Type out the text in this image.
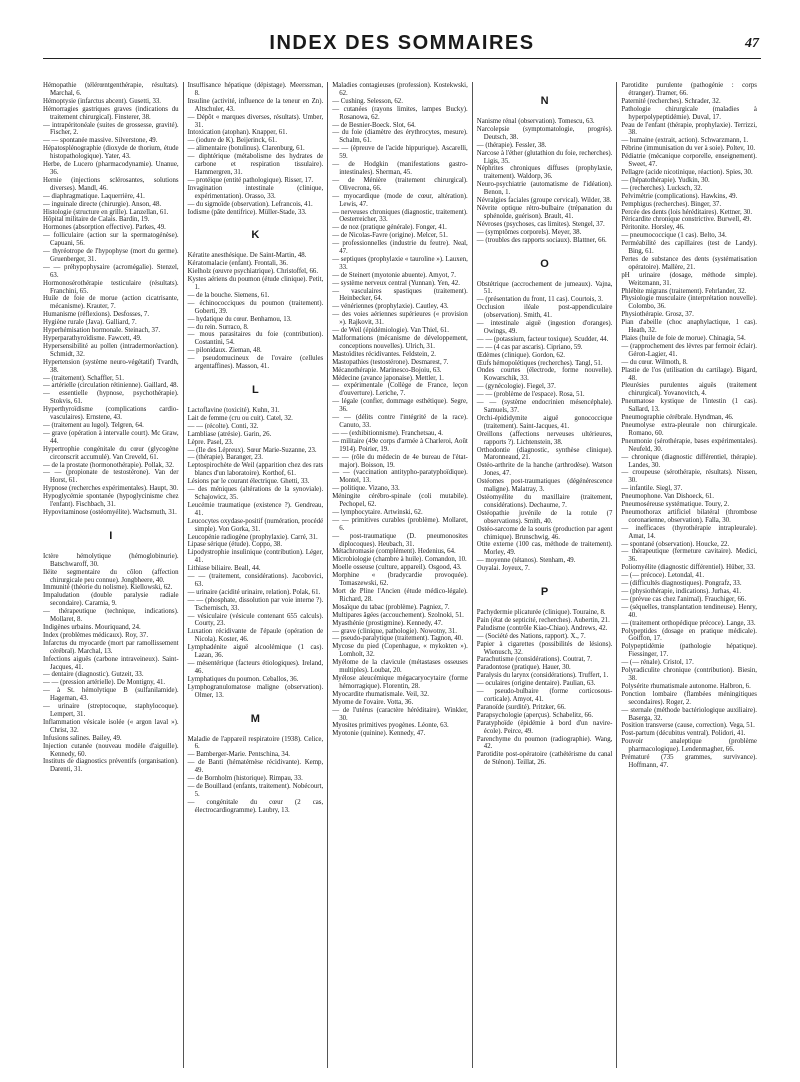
INDEX DES SOMMAIRES	47

Hémopathie (télérœntgenthérapie, résultats). Marchal, 6.

Hémoptysie (infarctus abcent). Gusetti, 33.

Hémorragies gastriques graves (indications du traitement chirurgical). Finsterer, 38.

— intrapéritonéale (suites de grossesse, gravité). Fischer, 2.

— — spontanée massive. Silverstone, 49.

Hépatosplénographie (dioxyde de thorium, étude histopathologique). Yater, 43.

Herbe, de Lucero (pharmacodynamie). Unanue, 36.

Hernie (injections sclérosantes, solutions diverses). Mandl, 46.

— diaphragmatique. Laquerrière, 41.

— inguinale directe (chirurgie). Anson, 48.

Histologie (structure en grille). Lanzellan, 61.

Hôpital militaire de Calais. Bardin, 19.

Hormones (absorption effective). Parkes, 49.

— folliculaire (action sur la spermatogénèse). Capuani, 56.

— thyréotrope de l'hypophyse (mort du germe). Gruenberger, 31.

— — préhypophysaire (acromégalie). Stenzel, 63.

Hormonosérothérapie testiculaire (résultats). Franchini, 65.

Huile de foie de morue (action cicatrisante, mécanisme). Krauter, 7.

Humanisme (réflexions). Desfosses, 7.

Hygiène rurale (Java). Galliard, 7.

Hyperhémisation hormonale. Steinach, 37.

Hyperparathyroïdisme. Fawcett, 49.

Hypersensibilité au pollen (intradermoréaction). Schmidt, 32.

Hypertension (système neuro-végétatif) Tvardh, 38.

— (traitement). Schaffler, 51.

— artérielle (circulation rétinienne). Gaillard, 48.

— essentielle (hypnose, psychothérapie). Stokvis, 61.

Hyperthyroïdisme (complications cardio-vasculaires). Ernstene, 43.

— (traitement au lugol). Telgren, 64.

— grave (opération à intervalle court). Mc Graw, 44.

Hypertrophie congénitale du cœur (glycogène circonscrit accumulé). Van Creveld, 61.

— de la prostate (hormonothérapie). Pollak, 32.

— — (propionate de testostérone). Van der Horst, 61.

Hypnose (recherches expérimentales). Haupt, 30.

Hypoglycémie spontanée (hypoglycinisme chez l'enfant). Fischbach, 31.

Hypovitaminose (ostéomyélite). Wachsmuth, 31.

I

Ictère hémolytique (hémoglobinurie). Batschwaroff, 30.

Iléite segmentaire du côlon (affection chirurgicale peu connue). Jongbheere, 40.

Immunité (théorie du nolisme). Kiellowski, 62.

Impaludation (double paralysie radiale secondaire). Caramia, 9.

— thérapeutique (technique, indications). Mollaret, 8.

Indigènes urbains. Mouriquand, 24.

Index (problèmes médicaux). Roy, 37.

Infarctus du myocarde (mort par ramollissement cérébral). Marchal, 13.

Infections aiguës (carbone intraveineux). Saint-Jacques, 41.

— dentaire (diagnostic). Gutzeit, 33.

— — (pression artérielle). De Montigny, 41.

— à St. hémolytique B (sulfanilamide). Hageman, 43.

— urinaire (streptocoque, staphylocoque). Lempert, 31.

Inflammation vésicale isolée (« argon laval »). Christ, 32.

Infusions salines. Bailey, 49.

Injection cutanée (nouveau modèle d'aiguille). Kennedy, 60.

Instituts de diagnostics préventifs (organisation). Darenti, 31.

Insuffisance hépatique (dépistage). Meerssman, 8.

Insuline (activité, influence de la teneur en Zn). Altschuler, 43.

— Dépôt « marques diverses, résultats). Umber, 31.

Intoxication (atophan). Knapper, 61.

— (iodure de K). Beijerinck, 61.

— alimentaire (botulinus). Clarenburg, 61.

— diphtérique (métabolisme des hydrates de carbone et respiration tissulaire). Hammergren, 31.

— protéique (entité pathologique). Risser, 17.

Invagination intestinale (clinique, expérimentation). Orasso, 33.

— du sigmoïde (observation). Lefrancois, 41.

Iodisme (pâte dentifrice). Müller-Stade, 33.

K

Kératite anesthésique. De Saint-Martin, 48.

Kératomalacie (enfant). Frontali, 36.

Kielholz (œuvre psychiatrique). Christoffel, 66.

Kystes aériens du poumon (étude clinique). Petit, 1.

— de la bouche. Siemens, 61.

— échinococciques du poumon (traitement). Goberti, 39.

— hydatique du cœur. Benhamou, 13.

— du rein. Surraco, 8.

— mous parasitaires du foie (contribution). Costantini, 54.

— pilonidaux. Zieman, 48.

— pseudomucineux de l'ovaire (cellules argentaffines). Masson, 41.

L

Lactoflavine (toxicité). Kuhn, 31.

Lait de femme (cru ou cuit). Catel, 32.

— — (récolte). Conti, 32.

Lambliase (atrésie). Garin, 26.

Lèpre. Pasel, 23.

— (Ile des Lépreux). Sœur Marie-Suzanne, 23.

— (thérapie). Baranger, 23.

Leptospirochète de Weil (apparition chez des rats blancs d'un laboratoire). Korthof, 61.

Lésions par le courant électrique. Ghetti, 33.

— des méniques (altérations de la synoviale). Schajowicz, 35.

Leucémie traumatique (existence ?). Gendreau, 41.

Leucocytes oxydase-positif (numération, procédé simple). Von Gorka, 31.

Leucopénie radiogène (prophylaxie). Carré, 31.

Lipase sérique (étude). Coppo, 38.

Lipodystrophie insulinique (contribution). Léger, 41.

Lithiase biliaire. Beall, 44.

— — (traitement, considérations). Jacobovici, 63.

— urinaire (acidité urinaire, relation). Polak, 61.

— — (phosphate, dissolution par voie interne ?). Tschernisch, 33.

— vésiculaire (vésicule contenant 655 calculs). Courty, 23.

Luxation récidivante de l'épaule (opération de Nicola). Koster, 46.

Lymphadénite aiguë alcoolémique (1 cas). Lazan, 36.

— mésentérique (facteurs étiologiques). Ireland, 46.

Lymphatiques du poumon. Ceballos, 36.

Lymphogranulomatose maligne (observation). Olmer, 13.

M

Maladie de l'appareil respiratoire (1938). Celice, 6.

— Bamberger-Marie. Pentschina, 34.

— de Banti (hématémèse récidivante). Kemp, 49.

— de Bornholm (historique). Rimpau, 33.

— de Bouillaud (enfants, traitement). Nobécourt, 5.

— congénitale du cœur (2 cas, électrocardiogramme). Laubry, 13.

Maladies contagieuses (profession). Kostekwski, 62.

— Cushing. Selesson, 62.

— cutanées (rayons limites, lampes Bucky). Rosanowa, 62.

— de Besnier-Boeck. Slot, 64.

— du foie (diamètre des érythrocytes, mesure). Schalm, 61.

— — (épreuve de l'acide hippurique). Ascarelli, 59.

— de Hodgkin (manifestations gastro-intestinales). Sherman, 45.

— de Ménière (traitement chirurgical). Olivecrona, 66.

— myocardique (mode de cœur, altération). Lewis, 47.

— nerveuses chroniques (diagnostic, traitement). Oesterreicher, 33.

— de noz (pratique générale). Fonger, 41.

— de Nicolas-Favre (origine). Melcer, 51.

— professionnelles (industrie du feutre). Neal, 47.

— septiques (prophylaxie « tauroline »). Lauxen, 33.

— de Steinert (myotonie abuente). Amyot, 7.

— système nerveux central (Yunnan). Yen, 42.

— vasculaires spastiques (traitement). Heinbecker, 64.

— vénériennes (prophylaxie). Cautley, 43.

— des voies aériennes supérieures (« provision »). Rajkovit, 31.

— de Weil (épidémiologie). Van Thiel, 61.

Malformations (mécanisme de développement, conceptions nouvelles). Ulrich, 31.

Mastoïdites récidivantes. Feldstein, 2.

Mastopathies (testostérone). Desmarest, 7.

Mécanothérapie. Marinesco-Bojoiu, 63.

Médecine (avance japonaise). Mettler, 1.

— expérimentale (Collège de France, leçon d'ouverture). Leriche, 7.

— légale (confier, dommage esthétique). Segre, 36.

— — (délits contre l'intégrité de la race). Canuto, 33.

— — (exhibitionnisme). Franchetsau, 4.

— militaire (49e corps d'armée à Charleroi, Août 1914). Poirier, 19.

— — (rôle du médecin de 4e bureau de l'état-major). Boisson, 19.

— — (vaccination antitypho-paratyphoïdique). Montel, 13.

— politique. Vizano, 33.

Méningite cérébro-spinale (coli mutabile). Pechopel, 62.

— lymphocytaire. Artwinski, 62.

— — primitives curables (problème). Mollaret, 6.

— post-traumatique (D. pneumonosites diplocoques). Heubach, 31.

Métachromasie (complément). Hedenius, 64.

Microbiologie (chambre à huile). Comandon, 10.

Moelle osseuse (culture, appareil). Osgood, 43.

Morphine « (bradycardie provoquée). Tomaszewski, 62.

Mort de Pline l'Ancien (étude médico-légale). Richard, 28.

Mosaïque du tabac (problème). Pagniez, 7.

Multipares âgées (accouchement). Szolnoki, 51.

Myasthénie (prostigmine). Kennedy, 47.

— grave (clinique, pathologie). Nowotny, 31.

— pseudo-paralytique (traitement). Tagnon, 40.

Mycose du pied (Copenhague, « mykokten »). Lomholt, 32.

Myélome de la clavicule (métastases osseuses multiples). Loubat, 20.

Myélose aleucémique mégacaryocytaire (forme hémorragique). Florentin, 28.

Myocardite rhumatismale. Veil, 32.

Myome de l'ovaire. Votta, 36.

— de l'utérus (caractère héréditaire). Winkler, 30.

Myosites primitives pyogènes. Léonte, 63.

Myotonie (quinine). Kennedy, 47.

N

Nanisme rénal (observation). Tomescu, 63.

Narcolepsie (symptomatologie, progrès). Deutsch, 38.

— (thérapie). Fessler, 38.

Narcose à l'éther (glutathion du foie, recherches). Ligis, 35.

Néphrites chroniques diffuses (prophylaxie, traitement). Waldorp, 36.

Neuro-psychiatrie (automatisme de l'idéation). Benon, 1.

Névralgies faciales (groupe cervical). Wilder, 38.

Névrite optique rétro-bulbaire (trépanation du sphénoïde, guérison). Brault, 41.

Névroses (psychoses, cas limites). Stengel, 37.

— (symptômes corporels). Meyer, 38.

— (troubles des rapports sociaux). Blattner, 66.

O

Obstétrique (accrochement de jumeaux). Vajna, 51.

— (présentation du front, 11 cas). Courtois, 3.

Occlusion iléale post-appendiculaire (observation). Smith, 41.

— intestinale aiguë (ingestion d'oranges). Owings, 49.

— — (potassium, facteur toxique). Scudder, 44.

— — (4 cas par ascaris). Cipriano, 59.

Œdèmes (clinique). Gordon, 62.

Œufs hémopoïétiques (recherches). Tangl, 51.

Ondes courtes (électrode, forme nouvelle). Kowarschik, 33.

— (gynécologie). Fiegel, 37.

— — (problème de l'espace). Rosa, 51.

— — (système endocrinien mésencéphale). Samuels, 37.

Orchi-épididymite aiguë gonococcique (traitement). Saint-Jacques, 41.

Oreillons (affections nerveuses ultérieures, rapports ?). Lichtenstein, 38.

Orthodontie (diagnostic, synthèse clinique). Maronneaud, 21.

Ostéo-arthrite de la hanche (arthrodèse). Watson Jones, 47.

Ostéomes post-traumatiques (dégénérescence maligne). Malatray, 3.

Ostéomyélite du maxillaire (traitement, considérations). Dechaume, 7.

Ostéopathie juvénile de la rotule (7 observations). Smith, 40.

Ostéo-sarcome de la souris (production par agent chimique). Brunschwig, 46.

Otite externe (100 cas, méthode de traitement). Morley, 49.

— moyenne (tétanos). Stenham, 49.

Ouyalai. Joyeux, 7.

P

Pachydermie plicaturée (clinique). Touraine, 8.

Pain (état de septicité, recherches). Aubertin, 21.

Paludisme (contrôle Kiao-Chiao). Andrews, 42.

— (Société des Nations, rapport). X., 7.

Papier à cigarettes (possibilités de lésions). Wienusch, 32.

Parachutisme (considérations). Coutrat, 7.

Paradontose (pratique). Hauer, 30.

Paralysis du larynx (considérations). Truffert, 1.

— oculaires (origine dentaire). Paulian, 63.

— pseudo-bulbaire (forme corticosous-corticale). Amyot, 41.

Paranoïde (surdité). Pritzker, 66.

Parapsychologie (aperçus). Schabelitz, 66.

Paratyphoïde (épidémie à bord d'un navire-école). Peirce, 49.

Parenchyme du poumon (radiographie). Wang, 42.

Parotidite post-opératoire (cathétérisme du canal de Sténon). Teillat, 26.

Parotidite purulente (pathogénie : corps étranger). Tramer, 66.

Paternité (recherches). Schrader, 32.

Pathologie chirurgicale (maladies à hyperpolypeptidémie). Duval, 17.

Peau de l'enfant (thérapie, prophylaxie). Terrizzi, 38.

— humaine (extrait, action). Schwarzmann, 1.

Pébrine (immunisation du ver à soie). Poltev, 10.

Pédiatrie (mécanique corporelle, enseignement). Sweet, 47.

Pellagre (acide nicotinique, réaction). Spies, 30.

— (hépatothérapie). Yudkin, 30.

— (recherches). Lucksch, 32.

Pelvimétrie (complications). Hawkins, 49.

Pemphigus (recherches). Binger, 37.

Percée des dents (lois héréditaires). Kettner, 30.

Péricardite chronique constrictive. Burwell, 49.

Péritonite. Horsley, 46.

— pneumococcique (1 cas). Belto, 34.

Perméabilité des capillaires (test de Landy). Bing, 61.

Pertes de substance des dents (systématisation opératoire). Mallère, 21.

pH urinaire (dosage, méthode simple). Weitzmann, 31.

Phlébite migrans (traitement). Fehrlander, 32.

Physiologie musculaire (interprétation nouvelle). Colombo, 36.

Physiothérapie. Grosz, 37.

Pian d'abeille (choc anaphylactique, 1 cas). Heath, 32.

Plaies (huile de foie de morue). Chinagia, 54.

— (rapprochement des lèvres par fermoir éclair). Géron-Lagier, 41.

— du cœur. Wilmoth, 8.

Plastie de l'os (utilisation du cartilage). Bigard, 48.

Pleurésies purulentes aiguës (traitement chirurgical). Yovanovitch, 4.

Pneumatose kystique de l'intestin (1 cas). Sallard, 13.

Pneumographie cérébrale. Hyndman, 46.

Pneumolyse extra-pleurale non chirurgicale. Romano, 60.

Pneumonie (sérothérapie, bases expérimentales). Neufeld, 30.

— chronique (diagnostic différentiel, thérapie). Landes, 30.

— croupeuse (sérothérapie, résultats). Nissen, 30.

— infantile. Siegl, 37.

Pneumophone. Van Dishoeck, 61.

Pneumoséreuse systématique. Toury, 2.

Pneumothorax artificiel bilatéral (thrombose coronarienne, observation). Falla, 30.

— inefficaces (thyrothérapie intrapleurale). Amat, 14.

— spontané (observation). Houcke, 22.

— thérapeutique (fermeture cavitaire). Medici, 36.

Poliomyélite (diagnostic différentiel). Hüber, 33.

— (— précoce). Letondal, 41.

— (difficultés diagnostiques). Pongrafz, 33.

— (physiothérapie, indications). Jurhas, 41.

— (prévue cas chez l'animal). Frauchiger, 66.

— (séquelles, transplantation tendineuse). Henry, 40.

— (traitement orthopédique précoce). Lange, 33.

Polypeptides (dosage en pratique médicale). Goiffon, 17.

Polypeptidémie (pathologie hépatique). Fiessinger, 17.

— (— rénale). Cristol, 17.

Polyradiculite chronique (contribution). Biesin, 38.

Polysérite rhumatismale autonome. Halbron, 6.

Ponction lombaire (flambées méningitiques secondaires). Roger, 2.

— sternale (méthode bactériologique auxiliaire). Baserga, 32.

Position transverse (cause, correction). Vega, 51.

Post-partum (décubitus ventral). Polidori, 41.

Pouvoir analeptique (problème pharmacologique). Lendenmagher, 66.

Prématuré (735 grammes, survivance). Hoffmann, 47.
